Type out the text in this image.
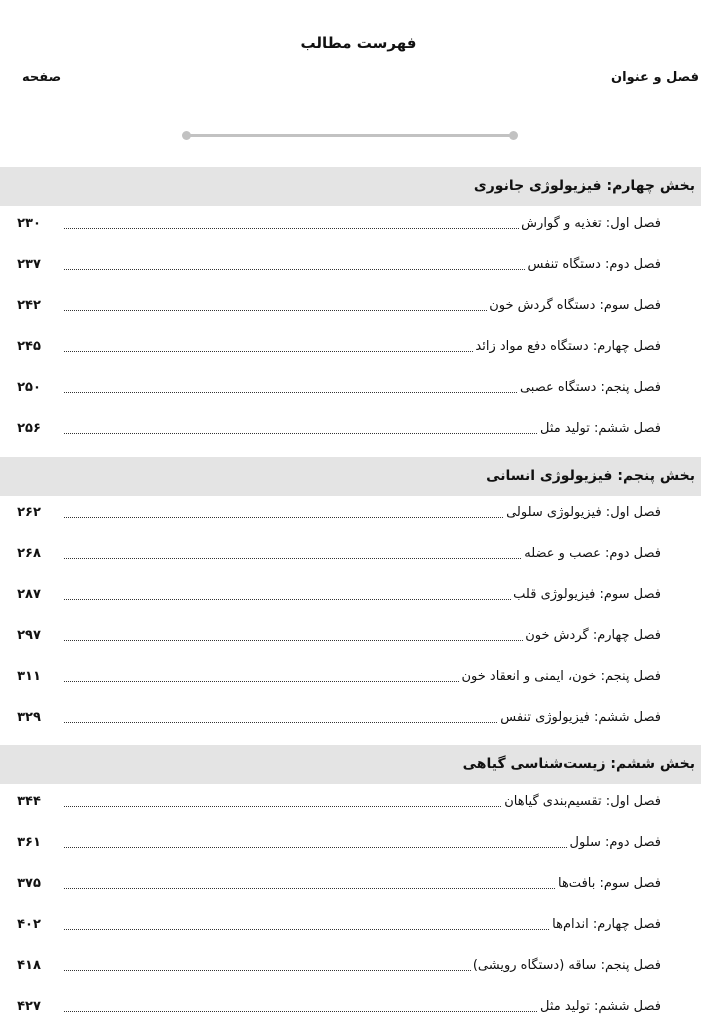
فهرست مطالب
فصل و عنوان
صفحه
بخش چهارم: فیزیولوژی جانوری
فصل اول: تغذیه و گوارش
۲۳۰
فصل دوم: دستگاه تنفس
۲۳۷
فصل سوم: دستگاه گردش خون
۲۴۲
فصل چهارم: دستگاه دفع مواد زائد
۲۴۵
فصل پنجم: دستگاه عصبی
۲۵۰
فصل ششم: تولید مثل
۲۵۶
بخش پنجم: فیزیولوژی انسانی
فصل اول: فیزیولوژی سلولی
۲۶۲
فصل دوم: عصب و عضله
۲۶۸
فصل سوم: فیزیولوژی قلب
۲۸۷
فصل چهارم: گردش خون
۲۹۷
فصل پنجم: خون، ایمنی و انعقاد خون
۳۱۱
فصل ششم: فیزیولوژی تنفس
۳۲۹
بخش ششم: زیست‌شناسی گیاهی
فصل اول: تقسیم‌بندی گیاهان
۳۴۴
فصل دوم: سلول
۳۶۱
فصل سوم: بافت‌ها
۳۷۵
فصل چهارم: اندام‌ها
۴۰۲
فصل پنجم: ساقه (دستگاه رویشی)
۴۱۸
فصل ششم: تولید مثل
۴۲۷
